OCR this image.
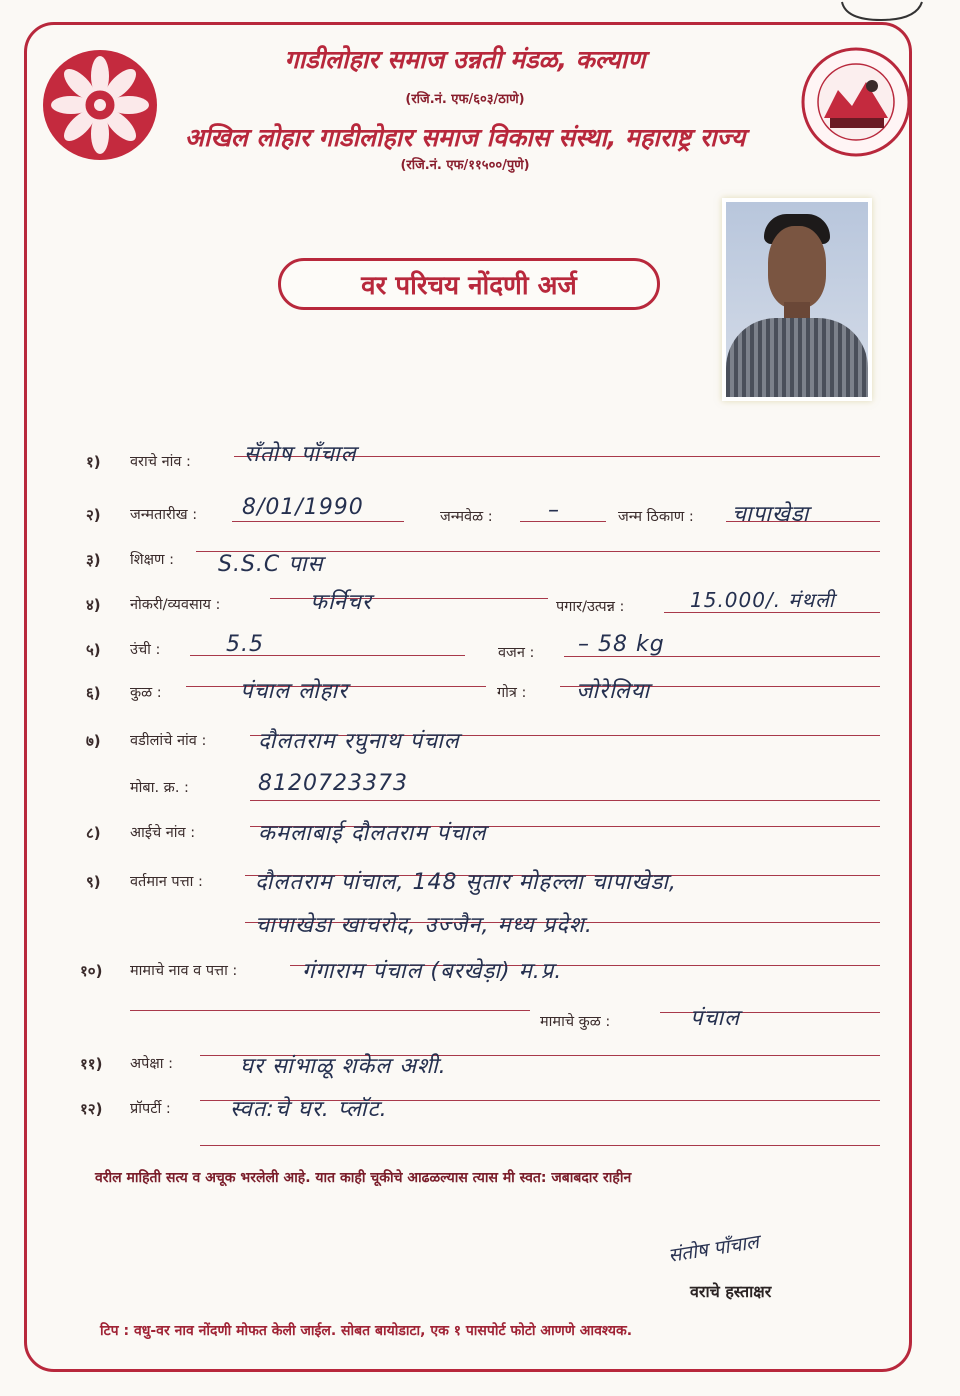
गाडीलोहार समाज उन्नती मंडळ, कल्याण
(रजि.नं. एफ/६०३/ठाणे)
अखिल लोहार गाडीलोहार समाज विकास संस्था, महाराष्ट्र राज्य
(रजि.नं. एफ/११५००/पुणे)
वर परिचय नोंदणी अर्ज
१) वराचे नांव : सँतोष पाँचाल
२) जन्मतारीख : 8/01/1990	जन्मवेळ :	–	जन्म ठिकाण : चापाखेडा
३) शिक्षण : S.S.C पास
४) नोकरी/व्यवसाय :	फर्निचर	पगार/उत्पन्न :	15.000/. मंथली
५) उंची :	5.5	वजन : – 58 kg
६) कुळ :	पंचाल लोहार	गोत्र : जोरेलिया
७) वडीलांचे नांव : दौलतराम रघुनाथ पंचाल
मोबा. क्र. :	8120723373
८) आईचे नांव :	कमलाबाई दौलतराम पंचाल
९) वर्तमान पत्ता : दौलतराम पांचाल, 148 सुतार मोहल्ला चापाखेडा,
चापाखेडा खाचरोद, उज्जैन, मध्य प्रदेश.
१०) मामाचे नाव व पत्ता :	गंगाराम पंचाल (बरखेड़ा) म.प्र.
मामाचे कुळ :	पंचाल
११) अपेक्षा :	घर सांभाळू शकेल अशी.
१२) प्रॉपर्टी :	स्वत:चे घर. प्लॉट.
वरील माहिती सत्य व अचूक भरलेली आहे. यात काही चूकीचे आढळल्यास त्यास मी स्वत: जबाबदार राहीन
संतोष पाँचाल
वराचे हस्ताक्षर
टिप : वधु-वर नाव नोंदणी मोफत केली जाईल. सोबत बायोडाटा, एक १ पासपोर्ट फोटो आणणे आवश्यक.
